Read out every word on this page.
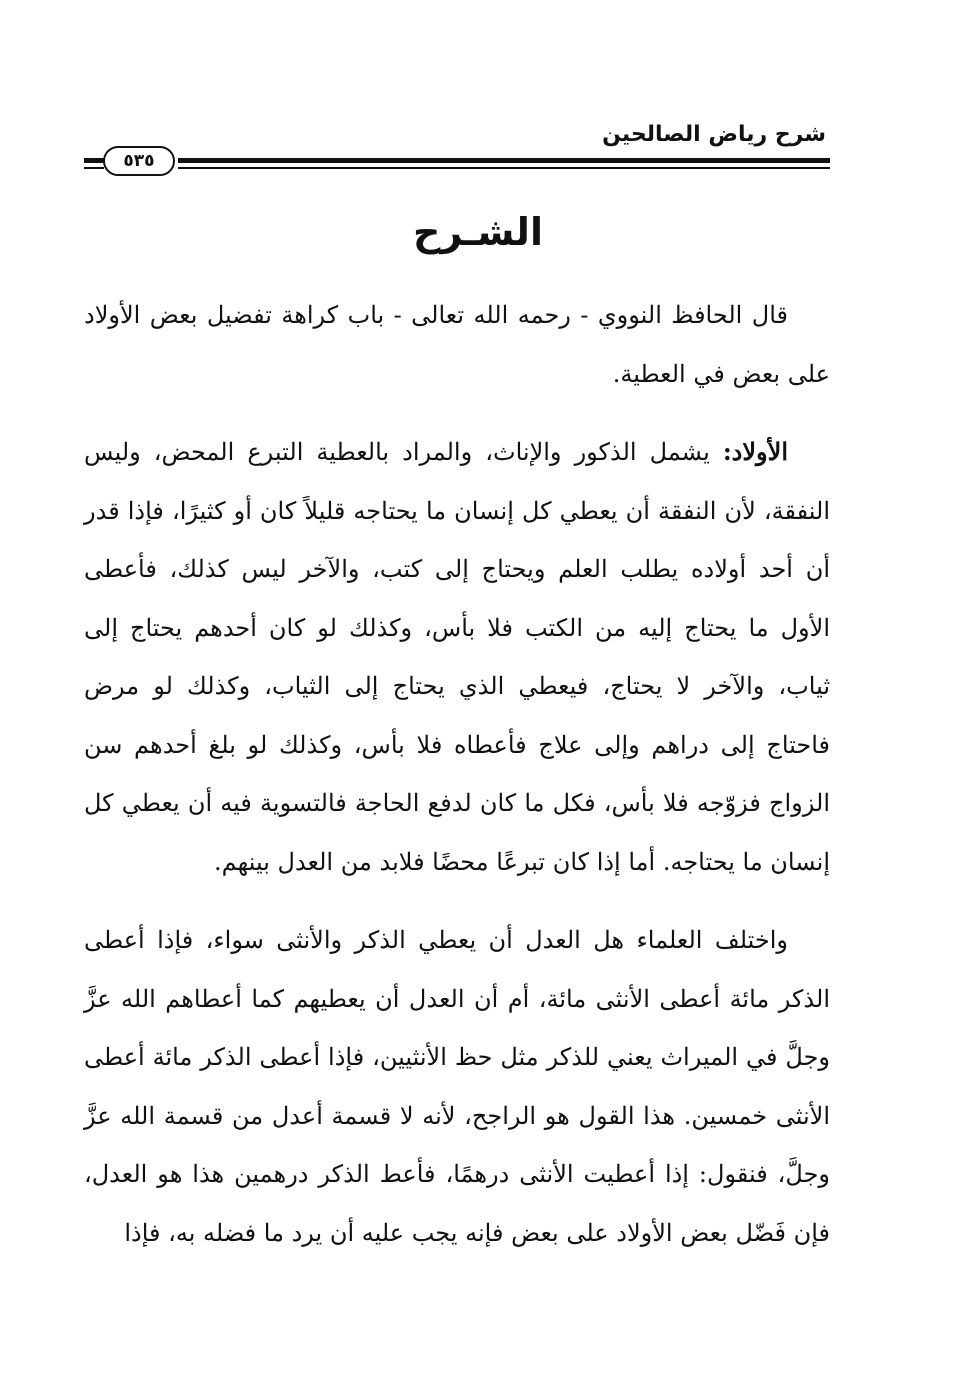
شرح رياض الصالحين
٥٣٥
الشـرح

قال الحافظ النووي - رحمه الله تعالى - باب كراهة تفضيل بعض الأولاد على بعض في العطية.

الأولاد: يشمل الذكور والإناث، والمراد بالعطية التبرع المحض، وليس النفقة، لأن النفقة أن يعطي كل إنسان ما يحتاجه قليلاً كان أو كثيرًا، فإذا قدر أن أحد أولاده يطلب العلم ويحتاج إلى كتب، والآخر ليس كذلك، فأعطى الأول ما يحتاج إليه من الكتب فلا بأس، وكذلك لو كان أحدهم يحتاج إلى ثياب، والآخر لا يحتاج، فيعطي الذي يحتاج إلى الثياب، وكذلك لو مرض فاحتاج إلى دراهم وإلى علاج فأعطاه فلا بأس، وكذلك لو بلغ أحدهم سن الزواج فزوّجه فلا بأس، فكل ما كان لدفع الحاجة فالتسوية فيه أن يعطي كل إنسان ما يحتاجه. أما إذا كان تبرعًا محضًا فلابد من العدل بينهم.

واختلف العلماء هل العدل أن يعطي الذكر والأنثى سواء، فإذا أعطى الذكر مائة أعطى الأنثى مائة، أم أن العدل أن يعطيهم كما أعطاهم الله عزَّ وجلَّ في الميراث يعني للذكر مثل حظ الأنثيين، فإذا أعطى الذكر مائة أعطى الأنثى خمسين. هذا القول هو الراجح، لأنه لا قسمة أعدل من قسمة الله عزَّ وجلَّ، فنقول: إذا أعطيت الأنثى درهمًا، فأعط الذكر درهمين هذا هو العدل، فإن فَضّل بعض الأولاد على بعض فإنه يجب عليه أن يرد ما فضله به، فإذا
